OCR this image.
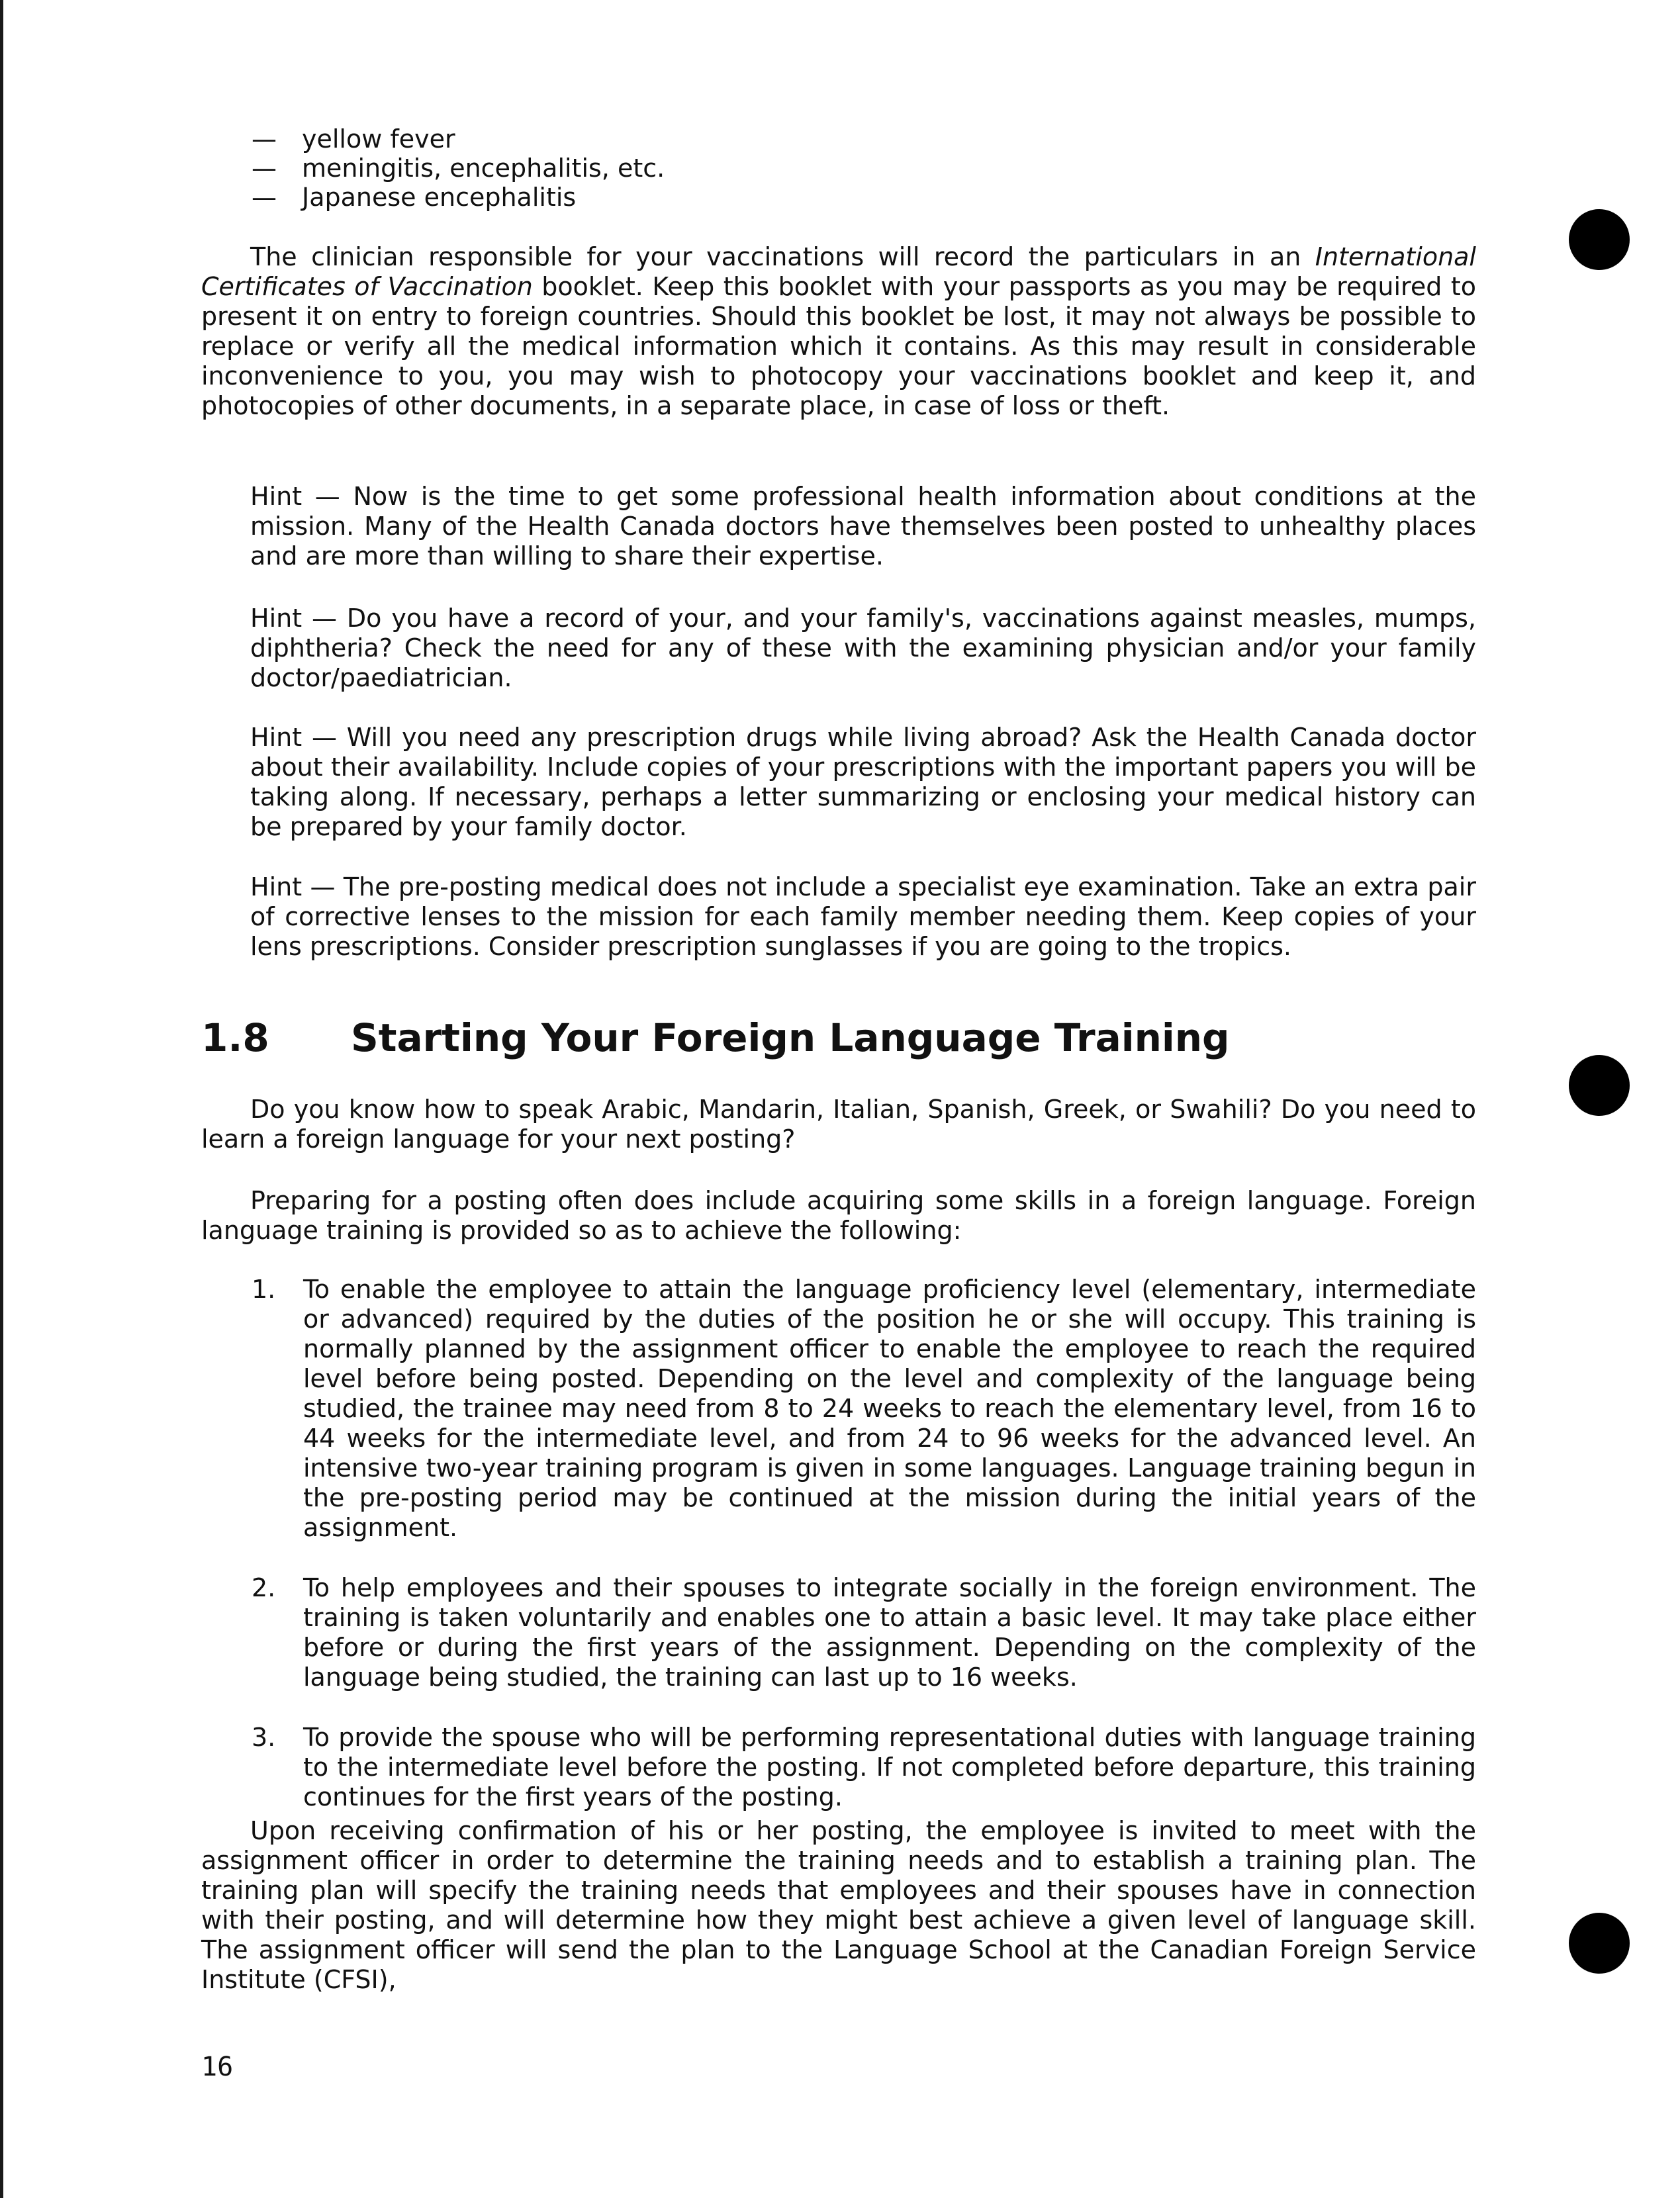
—	yellow fever
—	meningitis, encephalitis, etc.
—	Japanese encephalitis

The clinician responsible for your vaccinations will record the particulars in an International Certificates of Vaccination booklet. Keep this booklet with your passports as you may be required to present it on entry to foreign countries. Should this booklet be lost, it may not always be possible to replace or verify all the medical information which it contains. As this may result in considerable inconvenience to you, you may wish to photocopy your vaccinations booklet and keep it, and photocopies of other documents, in a separate place, in case of loss or theft.

Hint — Now is the time to get some professional health information about conditions at the mission. Many of the Health Canada doctors have themselves been posted to unhealthy places and are more than willing to share their expertise.

Hint — Do you have a record of your, and your family's, vaccinations against measles, mumps, diphtheria? Check the need for any of these with the examining physician and/or your family doctor/paediatrician.

Hint — Will you need any prescription drugs while living abroad? Ask the Health Canada doctor about their availability. Include copies of your prescriptions with the important papers you will be taking along. If necessary, perhaps a letter summarizing or enclosing your medical history can be prepared by your family doctor.

Hint — The pre-posting medical does not include a specialist eye examination. Take an extra pair of corrective lenses to the mission for each family member needing them. Keep copies of your lens prescriptions. Consider prescription sunglasses if you are going to the tropics.

1.8 Starting Your Foreign Language Training

Do you know how to speak Arabic, Mandarin, Italian, Spanish, Greek, or Swahili? Do you need to learn a foreign language for your next posting?

Preparing for a posting often does include acquiring some skills in a foreign language. Foreign language training is provided so as to achieve the following:

1.	To enable the employee to attain the language proficiency level (elementary, intermediate or advanced) required by the duties of the position he or she will occupy. This training is normally planned by the assignment officer to enable the employee to reach the required level before being posted. Depending on the level and complexity of the language being studied, the trainee may need from 8 to 24 weeks to reach the elementary level, from 16 to 44 weeks for the intermediate level, and from 24 to 96 weeks for the advanced level. An intensive two-year training program is given in some languages. Language training begun in the pre-posting period may be continued at the mission during the initial years of the assignment.
2.	To help employees and their spouses to integrate socially in the foreign environment. The training is taken voluntarily and enables one to attain a basic level. It may take place either before or during the first years of the assignment. Depending on the complexity of the language being studied, the training can last up to 16 weeks.
3.	To provide the spouse who will be performing representational duties with language training to the intermediate level before the posting. If not completed before departure, this training continues for the first years of the posting.

Upon receiving confirmation of his or her posting, the employee is invited to meet with the assignment officer in order to determine the training needs and to establish a training plan. The training plan will specify the training needs that employees and their spouses have in connection with their posting, and will determine how they might best achieve a given level of language skill. The assignment officer will send the plan to the Language School at the Canadian Foreign Service Institute (CFSI),

16
